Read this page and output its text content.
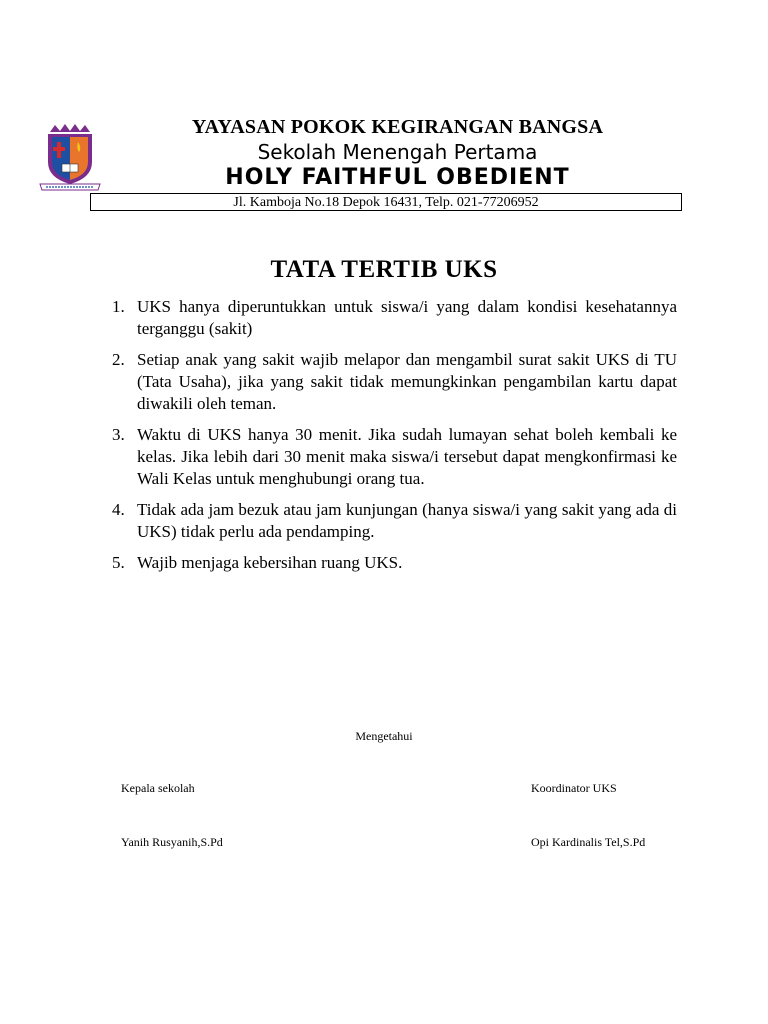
YAYASAN POKOK KEGIRANGAN BANGSA
Sekolah Menengah Pertama
HOLY FAITHFUL OBEDIENT
Jl. Kamboja No.18 Depok 16431, Telp. 021-77206952
TATA TERTIB UKS
1. UKS hanya diperuntukkan untuk siswa/i yang dalam kondisi kesehatannya terganggu (sakit)
2. Setiap anak yang sakit wajib melapor dan mengambil surat sakit UKS di TU (Tata Usaha), jika yang sakit tidak memungkinkan pengambilan kartu dapat diwakili oleh teman.
3. Waktu di UKS hanya 30 menit. Jika sudah lumayan sehat boleh kembali ke kelas. Jika lebih dari 30 menit maka siswa/i tersebut dapat mengkonfirmasi ke Wali Kelas untuk menghubungi orang tua.
4. Tidak ada jam bezuk atau jam kunjungan (hanya siswa/i yang sakit yang ada di UKS) tidak perlu ada pendamping.
5. Wajib menjaga kebersihan ruang UKS.
Mengetahui
Kepala sekolah	Koordinator UKS
Yanih Rusyanih,S.Pd	Opi Kardinalis Tel,S.Pd
